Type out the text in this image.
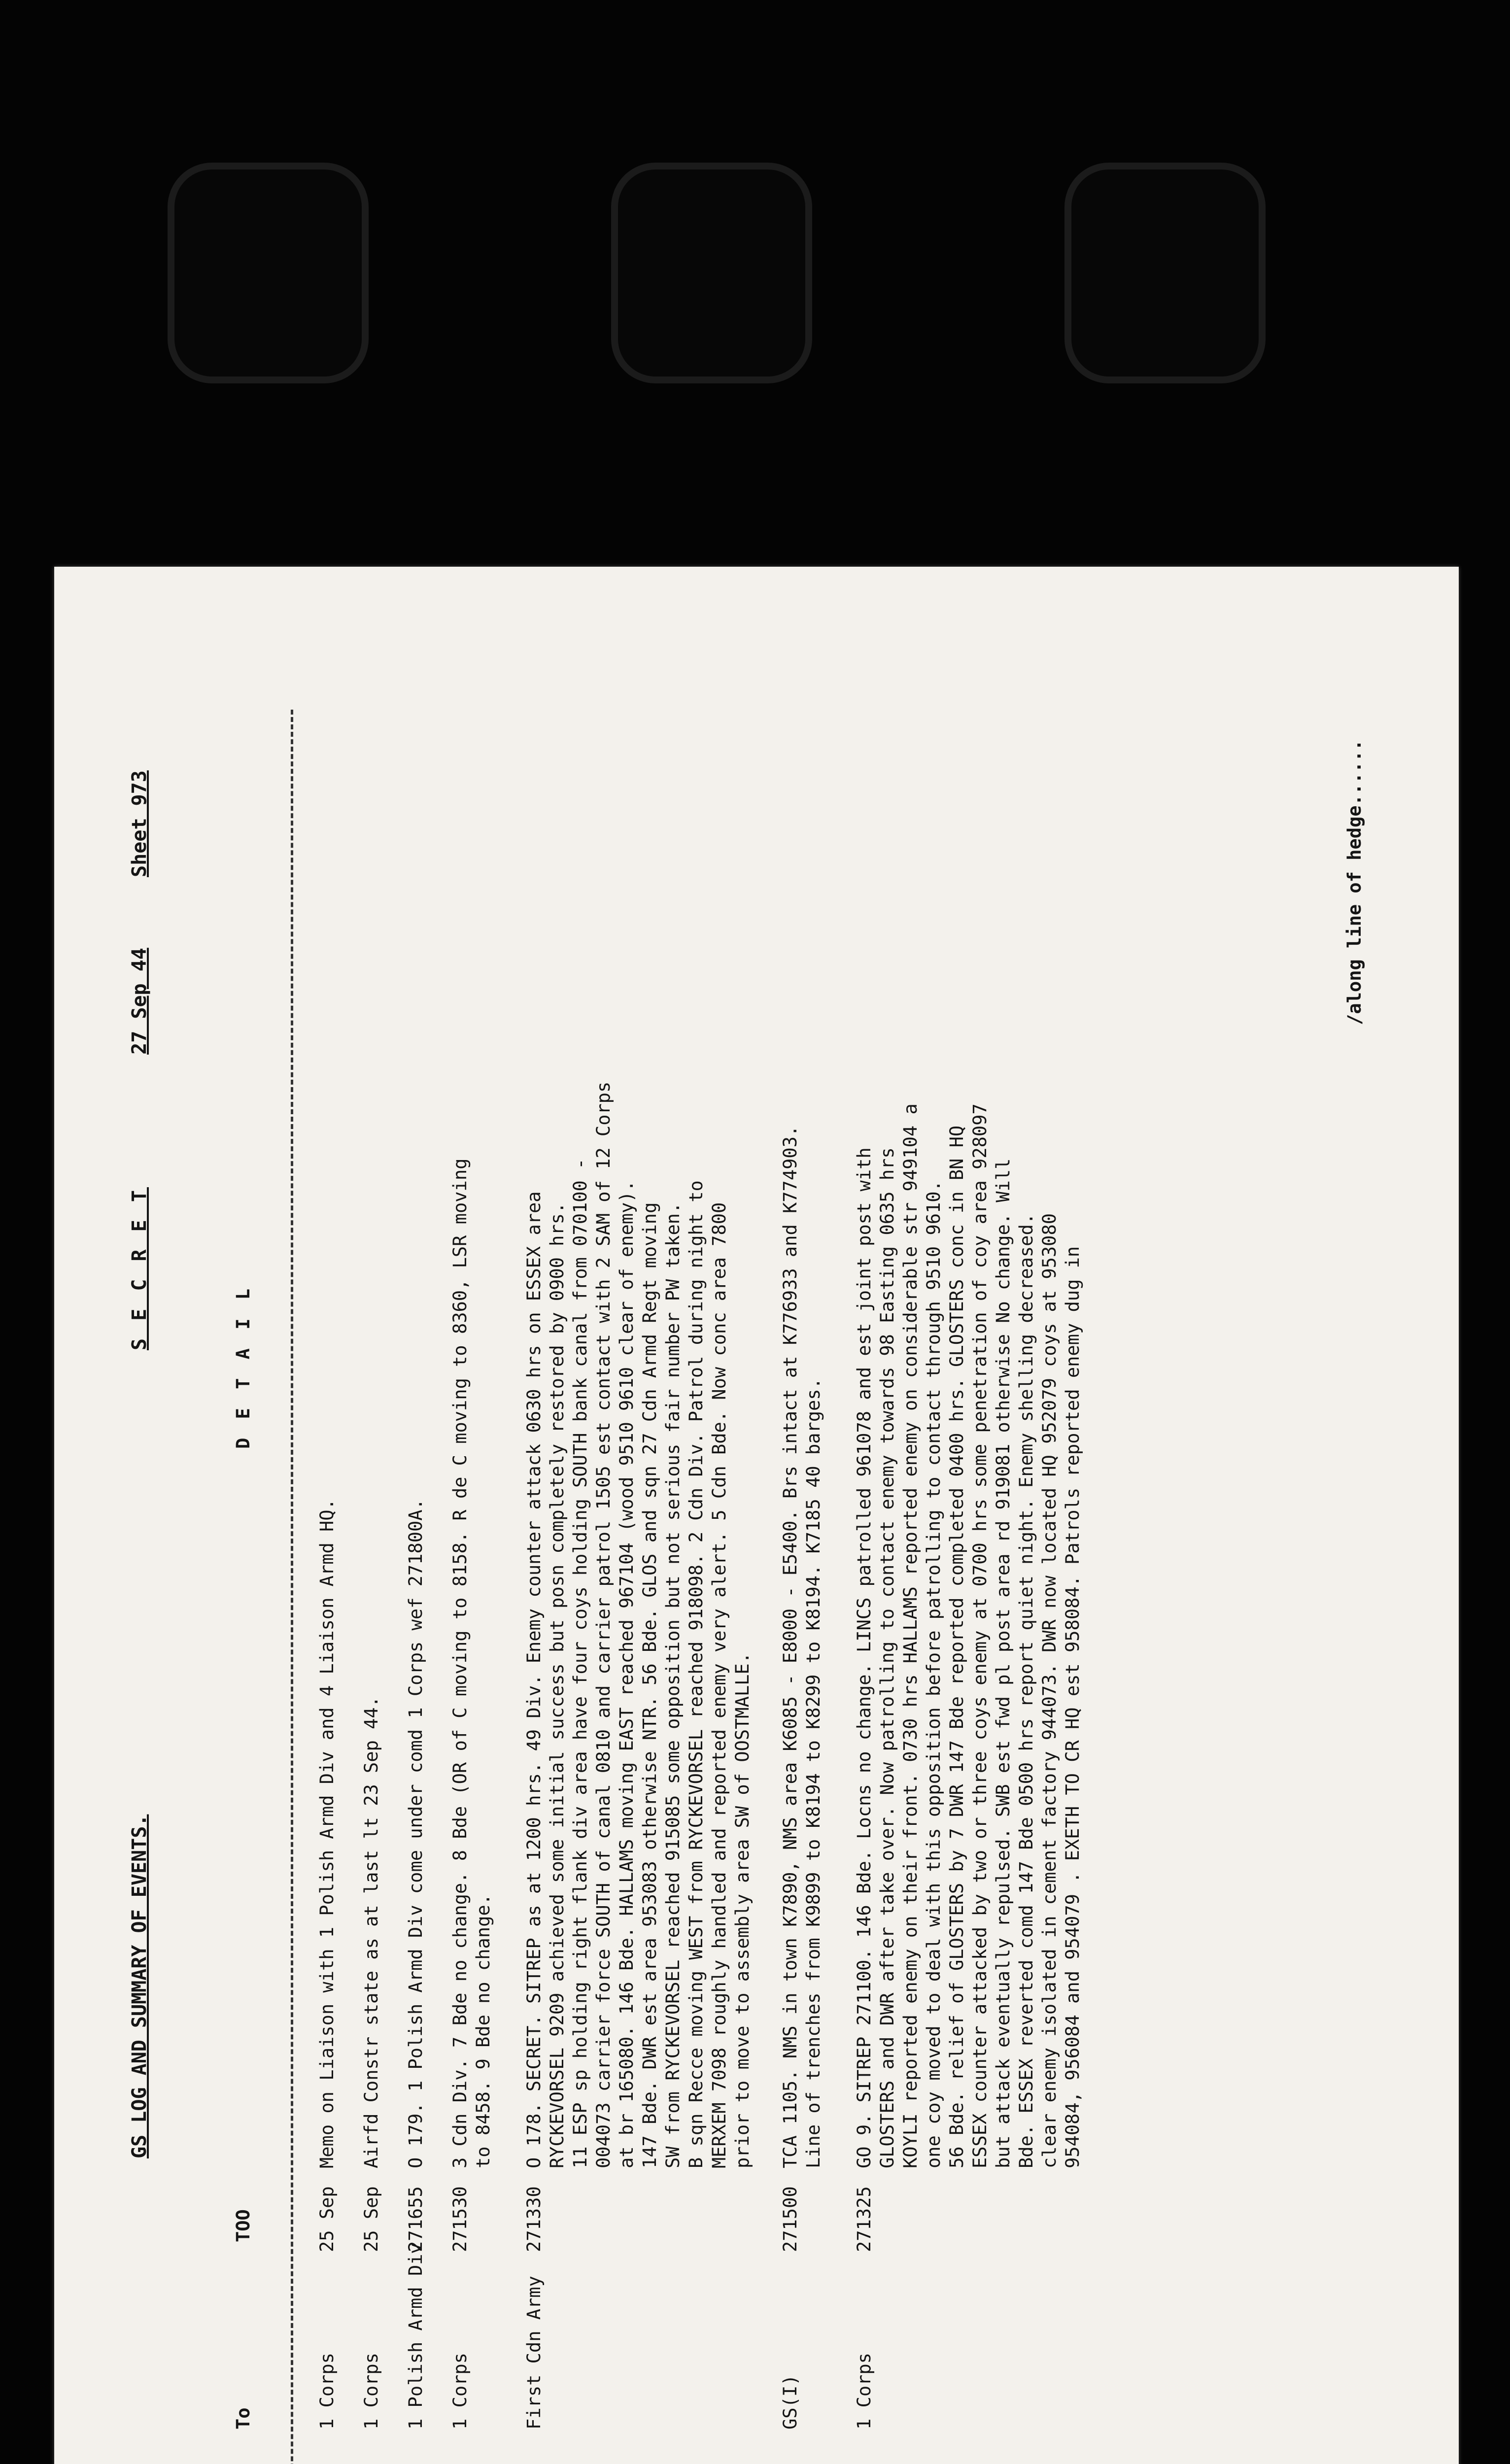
GS LOG AND SUMMARY OF EVENTS.
S E C R E T
27 Sep 44
Sheet 973
To
TOO
D E T A I L
1 Corps
25 Sep

Memo on Liaison with 1 Polish Armd Div and 4 Liaison Armd HQ.

1 Corps
25 Sep

Airfd Constr state as at last lt 23 Sep 44.

1 Polish Armd Div
271655

O 179. 1 Polish Armd Div come under comd 1 Corps wef 271800A.

1 Corps
271530

3 Cdn Div. 7 Bde no change. 8 Bde (OR of C moving to 8158. R de C moving to 8360, LSR moving to 8458. 9 Bde no change.

First Cdn Army
271330

O 178. SECRET. SITREP as at 1200 hrs. 49 Div. Enemy counter attack 0630 hrs on ESSEX area RYCKEVORSEL 9209 achieved some initial success but posn completely restored by 0900 hrs. 11 ESP sp holding right flank div area have four coys holding SOUTH bank canal from 070100 - 004073 carrier force SOUTH of canal 0810 and carrier patrol 1505 est contact with 2 SAM of 12 Corps at br 165080. 146 Bde. HALLAMS moving EAST reached 967104 (wood 9510 9610 clear of enemy). 147 Bde. DWR est area 953083 otherwise NTR. 56 Bde. GLOS and sqn 27 Cdn Armd Regt moving SW from RYCKEVORSEL reached 915085 some opposition but not serious fair number PW taken. B sqn Recce moving WEST from RYCKEVORSEL reached 918098. 2 Cdn Div. Patrol during night to MERXEM 7098 roughly handled and reported enemy very alert. 5 Cdn Bde. Now conc area 7800 prior to move to assembly area SW of OOSTMALLE.

GS(I)
271500

TCA 1105. NMS in town K7890, NMS area K6085 - E8000 - E5400. Brs intact at K776933 and K774903. Line of trenches from K9899 to K8194 to K8299 to K8194. K7185 40 barges.

1 Corps
271325

GO 9. SITREP 271100. 146 Bde. Locns no change. LINCS patrolled 961078 and est joint post with GLOSTERS and DWR after take over. Now patrolling to contact enemy towards 98 Easting 0635 hrs KOYLI reported enemy on their front. 0730 hrs HALLAMS reported enemy on considerable str 949104 a one coy moved to deal with this opposition before patrolling to contact through 9510 9610. 56 Bde. relief of GLOSTERS by 7 DWR 147 Bde reported completed 0400 hrs. GLOSTERS conc in BN HQ ESSEX counter attacked by two or three coys enemy at 0700 hrs some penetration of coy area 928097 but attack eventually repulsed. SWB est fwd pl post area rd 919081 otherwise No change. Will Bde. ESSEX reverted comd 147 Bde 0500 hrs report quiet night. Enemy shelling decreased. clear enemy isolated in cement factory 944073. DWR now located HQ 952079 coys at 953080 954084, 956084 and 954079 . EXETH TO CR HQ est 958084. Patrols reported enemy dug in

/along line of hedge......
